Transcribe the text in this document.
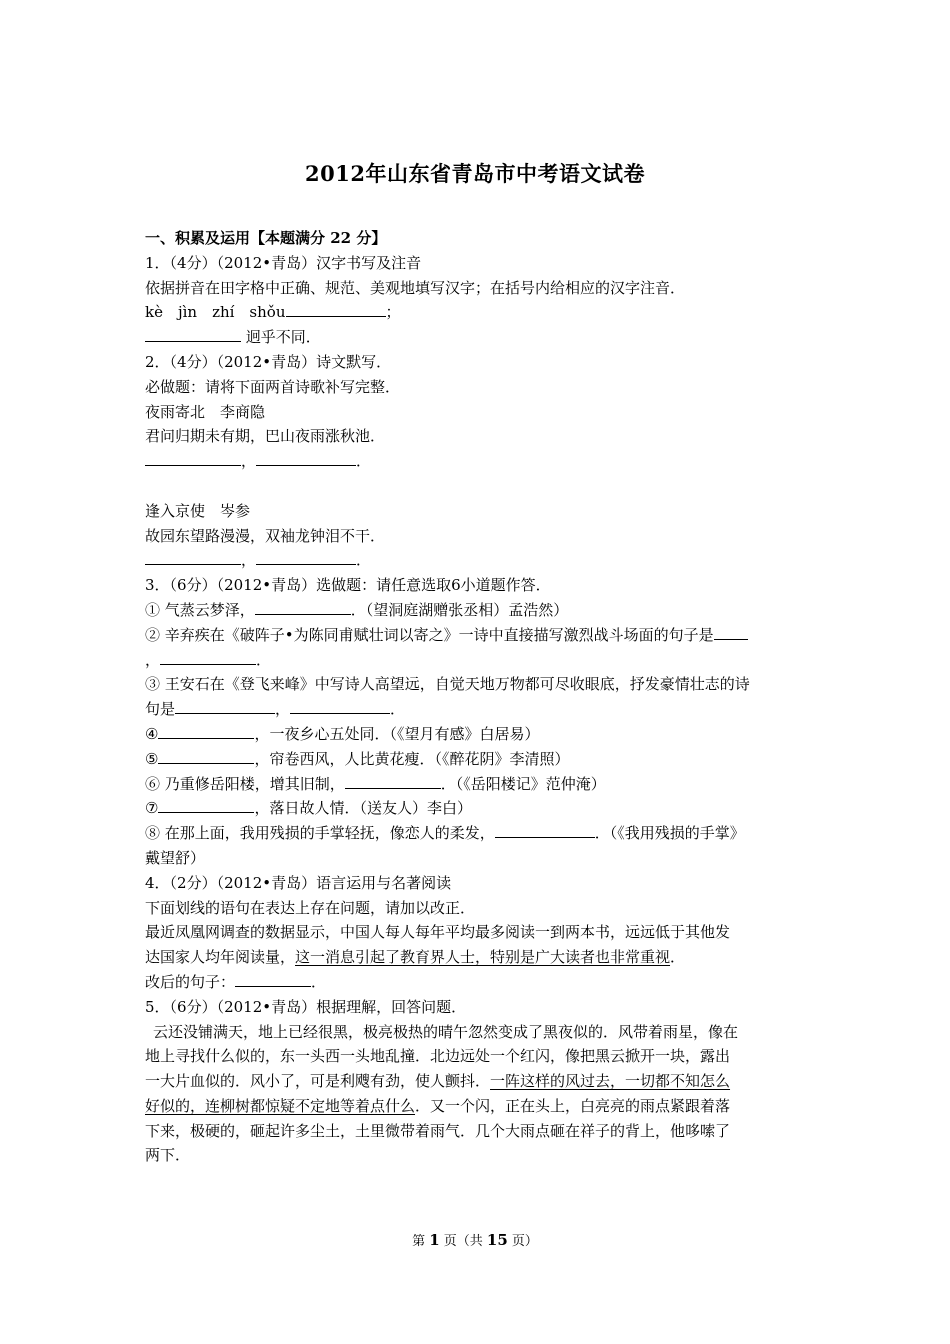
2012年山东省青岛市中考语文试卷
一、积累及运用【本题满分 22 分】
1．（4分）（2012•青岛）汉字书写及注音
依据拼音在田字格中正确、规范、美观地填写汉字；在括号内给相应的汉字注音．
kè　jìn　zhí　shǒu	；
迥乎不同．
2．（4分）（2012•青岛）诗文默写．
必做题：请将下面两首诗歌补写完整．
夜雨寄北　李商隐
君问归期未有期，巴山夜雨涨秋池．
，	．
逢入京使　岑参
故园东望路漫漫，双袖龙钟泪不干．
，	．
3．（6分）（2012•青岛）选做题：请任意选取6小道题作答．
① 气蒸云梦泽，	．（望洞庭湖赠张丞相）孟浩然）
② 辛弃疾在《破阵子•为陈同甫赋壮词以寄之》一诗中直接描写激烈战斗场面的句子是
，	．
③ 王安石在《登飞来峰》中写诗人高望远，自觉天地万物都可尽收眼底，抒发豪情壮志的诗
句是	，	．
④	，一夜乡心五处同．（《望月有感》白居易）
⑤	，帘卷西风，人比黄花瘦．（《醉花阴》李清照）
⑥ 乃重修岳阳楼，增其旧制，	．（《岳阳楼记》范仲淹）
⑦	，落日故人情．（送友人）李白）
⑧ 在那上面，我用残损的手掌轻抚，像恋人的柔发，	．（《我用残损的手掌》
戴望舒）
4．（2分）（2012•青岛）语言运用与名著阅读
下面划线的语句在表达上存在问题，请加以改正．
最近凤凰网调查的数据显示，中国人每人每年平均最多阅读一到两本书，远远低于其他发
达国家人均年阅读量，这一消息引起了教育界人士，特别是广大读者也非常重视．
改后的句子：	．
5．（6分）（2012•青岛）根据理解，回答问题．
云还没铺满天，地上已经很黑，极亮极热的晴午忽然变成了黑夜似的．风带着雨星，像在
地上寻找什么似的，东一头西一头地乱撞．北边远处一个红闪，像把黑云掀开一块，露出
一大片血似的．风小了，可是利飕有劲，使人颤抖．一阵这样的风过去，一切都不知怎么
好似的，连柳树都惊疑不定地等着点什么．又一个闪，正在头上，白亮亮的雨点紧跟着落
下来，极硬的，砸起许多尘土，土里微带着雨气．几个大雨点砸在祥子的背上，他哆嗦了
两下．
第 1 页（共 15 页）
